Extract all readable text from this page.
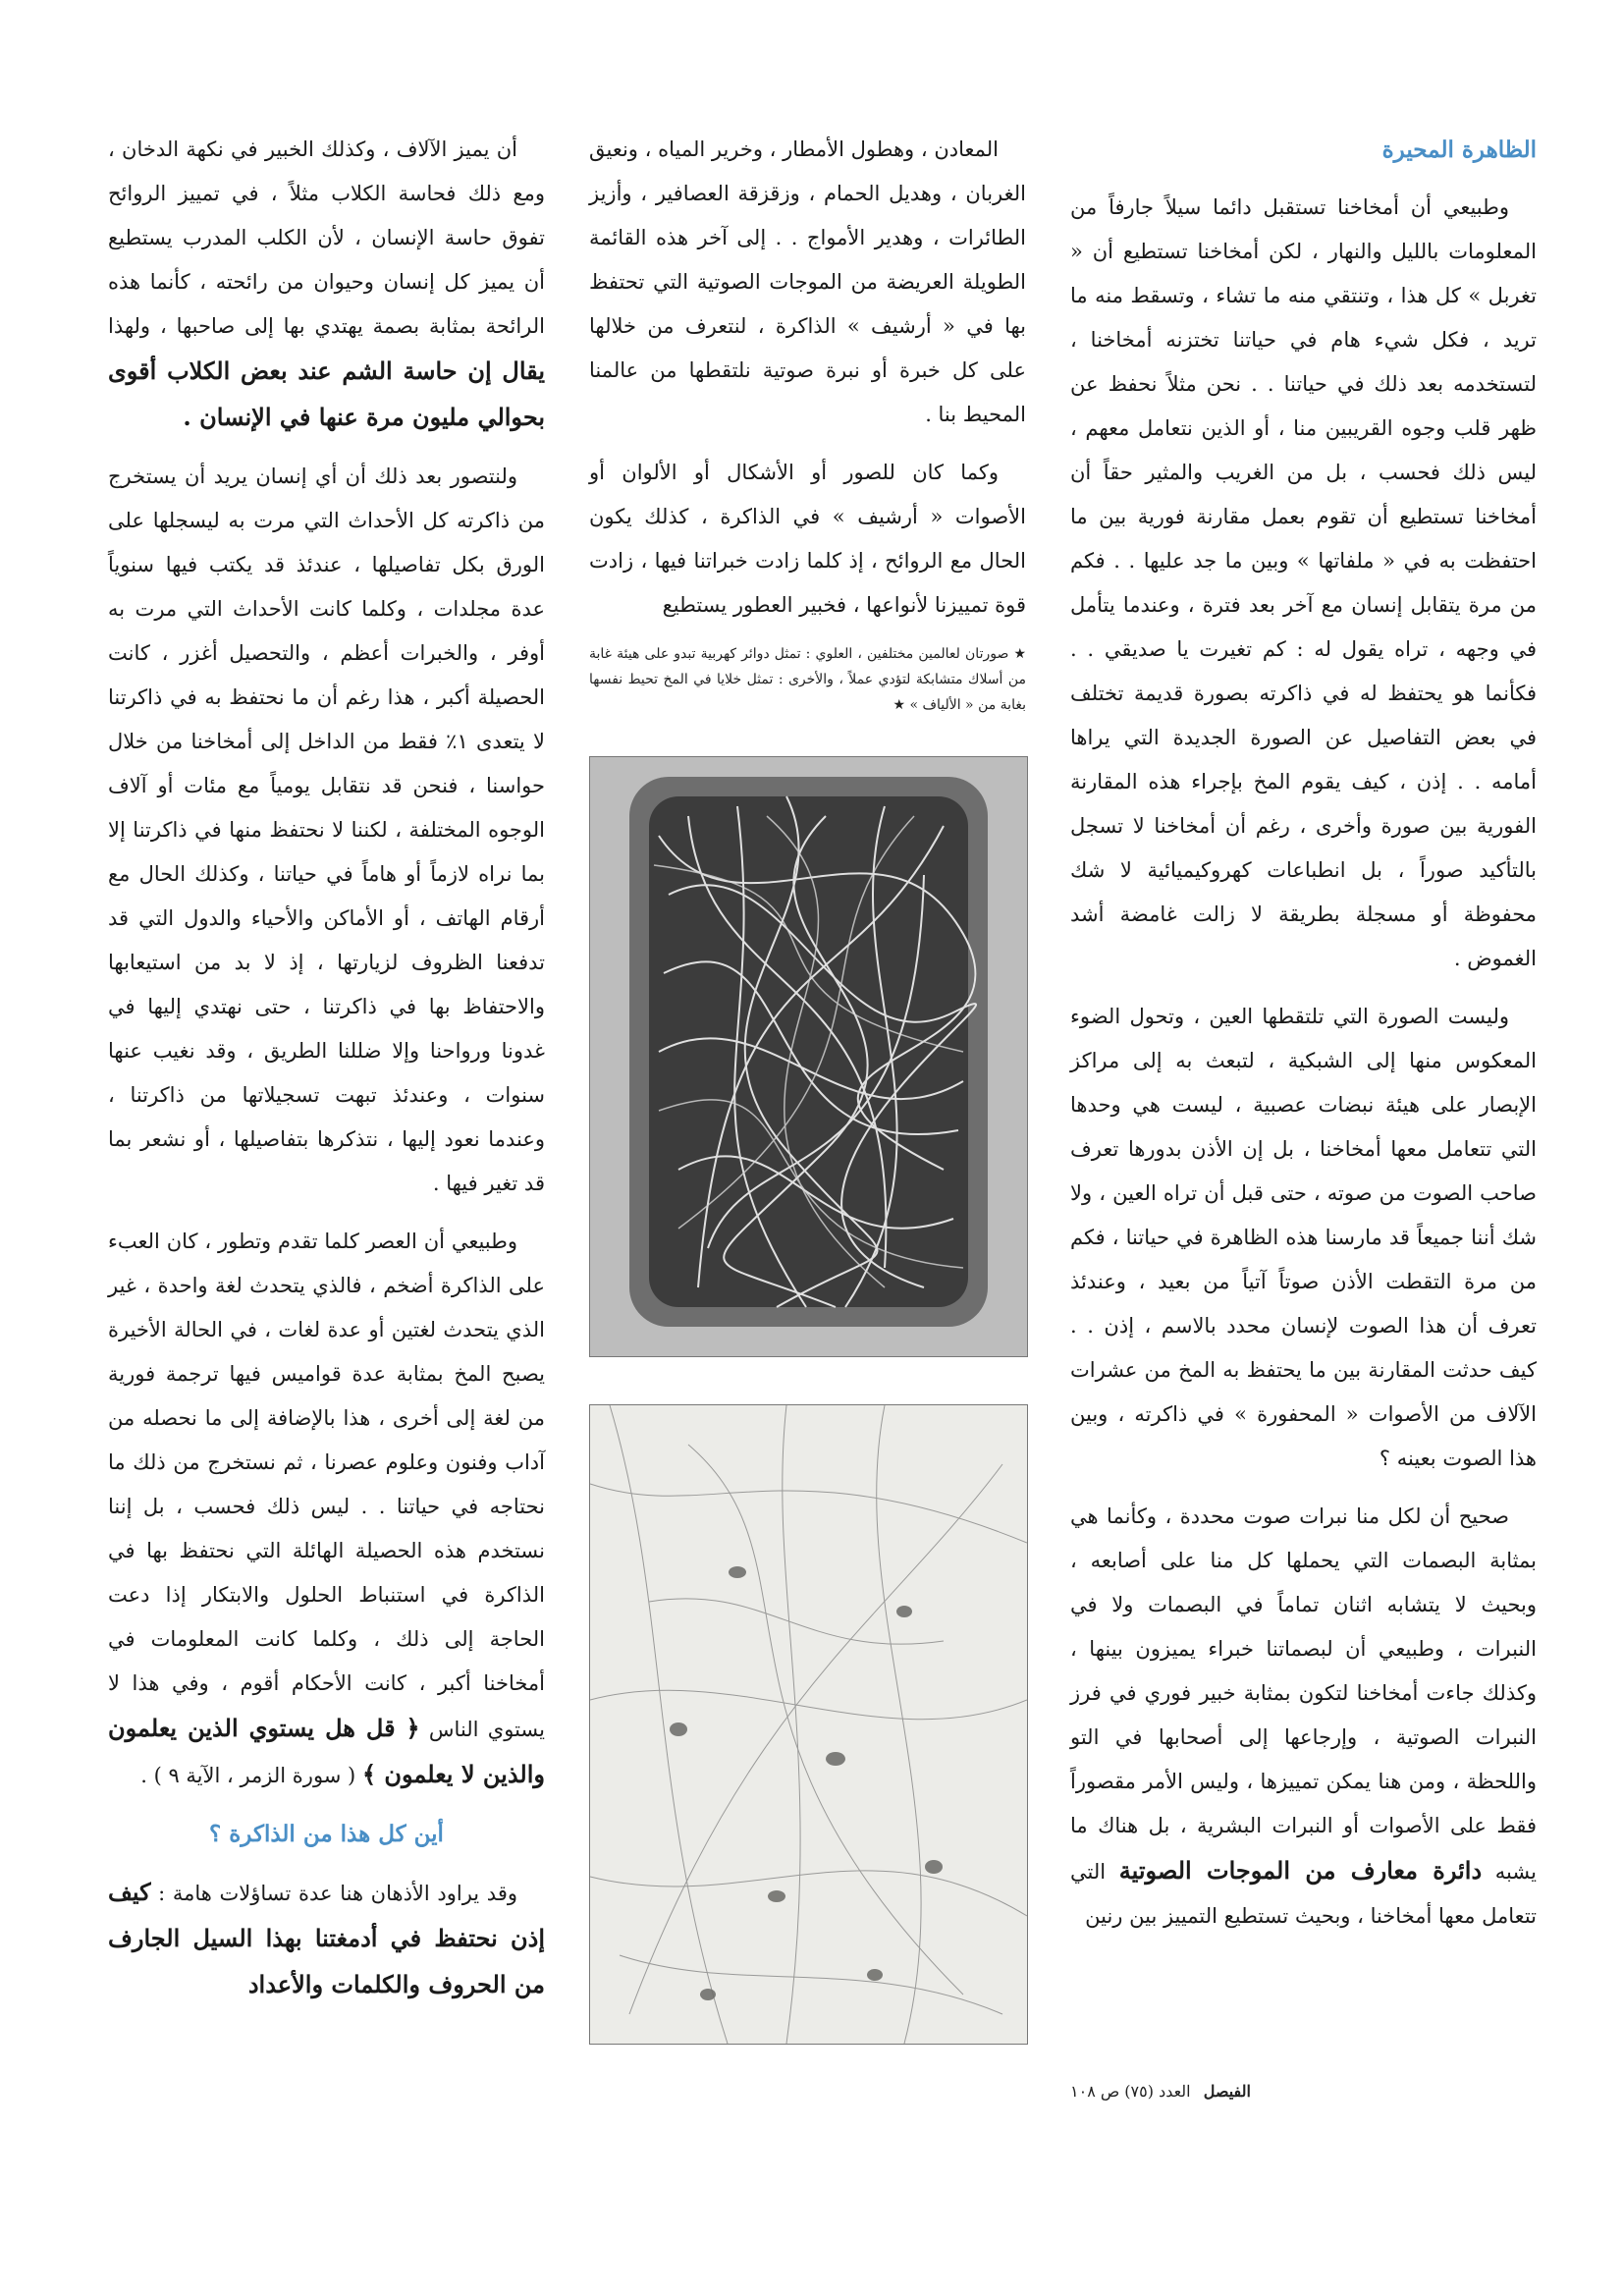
الظاهرة المحيرة

وطبيعي أن أمخاخنا تستقبل دائما سيلاً جارفاً من المعلومات بالليل والنهار ، لكن أمخاخنا تستطيع أن « تغربل » كل هذا ، وتنتقي منه ما تشاء ، وتسقط منه ما تريد ، فكل شيء هام في حياتنا تختزنه أمخاخنا ، لتستخدمه بعد ذلك في حياتنا . . نحن مثلاً نحفظ عن ظهر قلب وجوه القريبين منا ، أو الذين نتعامل معهم ، ليس ذلك فحسب ، بل من الغريب والمثير حقاً أن أمخاخنا تستطيع أن تقوم بعمل مقارنة فورية بين ما احتفظت به في « ملفاتها » وبين ما جد عليها . . فكم من مرة يتقابل إنسان مع آخر بعد فترة ، وعندما يتأمل في وجهه ، تراه يقول له : كم تغيرت يا صديقي . . فكأنما هو يحتفظ له في ذاكرته بصورة قديمة تختلف في بعض التفاصيل عن الصورة الجديدة التي يراها أمامه . . إذن ، كيف يقوم المخ بإجراء هذه المقارنة الفورية بين صورة وأخرى ، رغم أن أمخاخنا لا تسجل بالتأكيد صوراً ، بل انطباعات كهروكيميائية لا شك محفوظة أو مسجلة بطريقة لا زالت غامضة أشد الغموض .

وليست الصورة التي تلتقطها العين ، وتحول الضوء المعكوس منها إلى الشبكية ، لتبعث به إلى مراكز الإبصار على هيئة نبضات عصبية ، ليست هي وحدها التي تتعامل معها أمخاخنا ، بل إن الأذن بدورها تعرف صاحب الصوت من صوته ، حتى قبل أن تراه العين ، ولا شك أننا جميعاً قد مارسنا هذه الظاهرة في حياتنا ، فكم من مرة التقطت الأذن صوتاً آتياً من بعيد ، وعندئذ تعرف أن هذا الصوت لإنسان محدد بالاسم ، إذن . . كيف حدثت المقارنة بين ما يحتفظ به المخ من عشرات الآلاف من الأصوات « المحفورة » في ذاكرته ، وبين هذا الصوت بعينه ؟

صحيح أن لكل منا نبرات صوت محددة ، وكأنما هي بمثابة البصمات التي يحملها كل منا على أصابعه ، وبحيث لا يتشابه اثنان تماماً في البصمات ولا في النبرات ، وطبيعي أن لبصماتنا خبراء يميزون بينها ، وكذلك جاءت أمخاخنا لتكون بمثابة خبير فوري في فرز النبرات الصوتية ، وإرجاعها إلى أصحابها في التو واللحظة ، ومن هنا يمكن تمييزها ، وليس الأمر مقصوراً فقط على الأصوات أو النبرات البشرية ، بل هناك ما يشبه دائرة معارف من الموجات الصوتية التي تتعامل معها أمخاخنا ، وبحيث تستطيع التمييز بين رنين

المعادن ، وهطول الأمطار ، وخرير المياه ، ونعيق الغربان ، وهديل الحمام ، وزقزقة العصافير ، وأزيز الطائرات ، وهدير الأمواج . . إلى آخر هذه القائمة الطويلة العريضة من الموجات الصوتية التي تحتفظ بها في « أرشيف » الذاكرة ، لنتعرف من خلالها على كل خبرة أو نبرة صوتية نلتقطها من عالمنا المحيط بنا .

وكما كان للصور أو الأشكال أو الألوان أو الأصوات « أرشيف » في الذاكرة ، كذلك يكون الحال مع الروائح ، إذ كلما زادت خبراتنا فيها ، زادت قوة تمييزنا لأنواعها ، فخبير العطور يستطيع

★ صورتان لعالمين مختلفين ، العلوي : تمثل دوائر كهربية تبدو على هيئة غابة من أسلاك متشابكة لتؤدي عملاً ، والأخرى : تمثل خلايا في المخ تحيط نفسها بغابة من « الألياف » ★

أن يميز الآلاف ، وكذلك الخبير في نكهة الدخان ، ومع ذلك فحاسة الكلاب مثلاً ، في تمييز الروائح تفوق حاسة الإنسان ، لأن الكلب المدرب يستطيع أن يميز كل إنسان وحيوان من رائحته ، كأنما هذه الرائحة بمثابة بصمة يهتدي بها إلى صاحبها ، ولهذا يقال إن حاسة الشم عند بعض الكلاب أقوى بحوالي مليون مرة عنها في الإنسان .

ولنتصور بعد ذلك أن أي إنسان يريد أن يستخرج من ذاكرته كل الأحداث التي مرت به ليسجلها على الورق بكل تفاصيلها ، عندئذ قد يكتب فيها سنوياً عدة مجلدات ، وكلما كانت الأحداث التي مرت به أوفر ، والخبرات أعظم ، والتحصيل أغزر ، كانت الحصيلة أكبر ، هذا رغم أن ما نحتفظ به في ذاكرتنا لا يتعدى ١٪ فقط من الداخل إلى أمخاخنا من خلال حواسنا ، فنحن قد نتقابل يومياً مع مئات أو آلاف الوجوه المختلفة ، لكننا لا نحتفظ منها في ذاكرتنا إلا بما نراه لازماً أو هاماً في حياتنا ، وكذلك الحال مع أرقام الهاتف ، أو الأماكن والأحياء والدول التي قد تدفعنا الظروف لزيارتها ، إذ لا بد من استيعابها والاحتفاظ بها في ذاكرتنا ، حتى نهتدي إليها في غدونا ورواحنا وإلا ضللنا الطريق ، وقد نغيب عنها سنوات ، وعندئذ تبهت تسجيلاتها من ذاكرتنا ، وعندما نعود إليها ، نتذكرها بتفاصيلها ، أو نشعر بما قد تغير فيها .

وطبيعي أن العصر كلما تقدم وتطور ، كان العبء على الذاكرة أضخم ، فالذي يتحدث لغة واحدة ، غير الذي يتحدث لغتين أو عدة لغات ، في الحالة الأخيرة يصبح المخ بمثابة عدة قواميس فيها ترجمة فورية من لغة إلى أخرى ، هذا بالإضافة إلى ما نحصله من آداب وفنون وعلوم عصرنا ، ثم نستخرج من ذلك ما نحتاجه في حياتنا . . ليس ذلك فحسب ، بل إننا نستخدم هذه الحصيلة الهائلة التي نحتفظ بها في الذاكرة في استنباط الحلول والابتكار إذا دعت الحاجة إلى ذلك ، وكلما كانت المعلومات في أمخاخنا أكبر ، كانت الأحكام أقوم ، وفي هذا لا يستوي الناس ﴿ قل هل يستوي الذين يعلمون والذين لا يعلمون ﴾ ( سورة الزمر ، الآية ٩ ) .

أين كل هذا من الذاكرة ؟

وقد يراود الأذهان هنا عدة تساؤلات هامة : كيف إذن نحتفظ في أدمغتنا بهذا السيل الجارف من الحروف والكلمات والأعداد

الفيصل العدد (٧٥) ص ١٠٨
